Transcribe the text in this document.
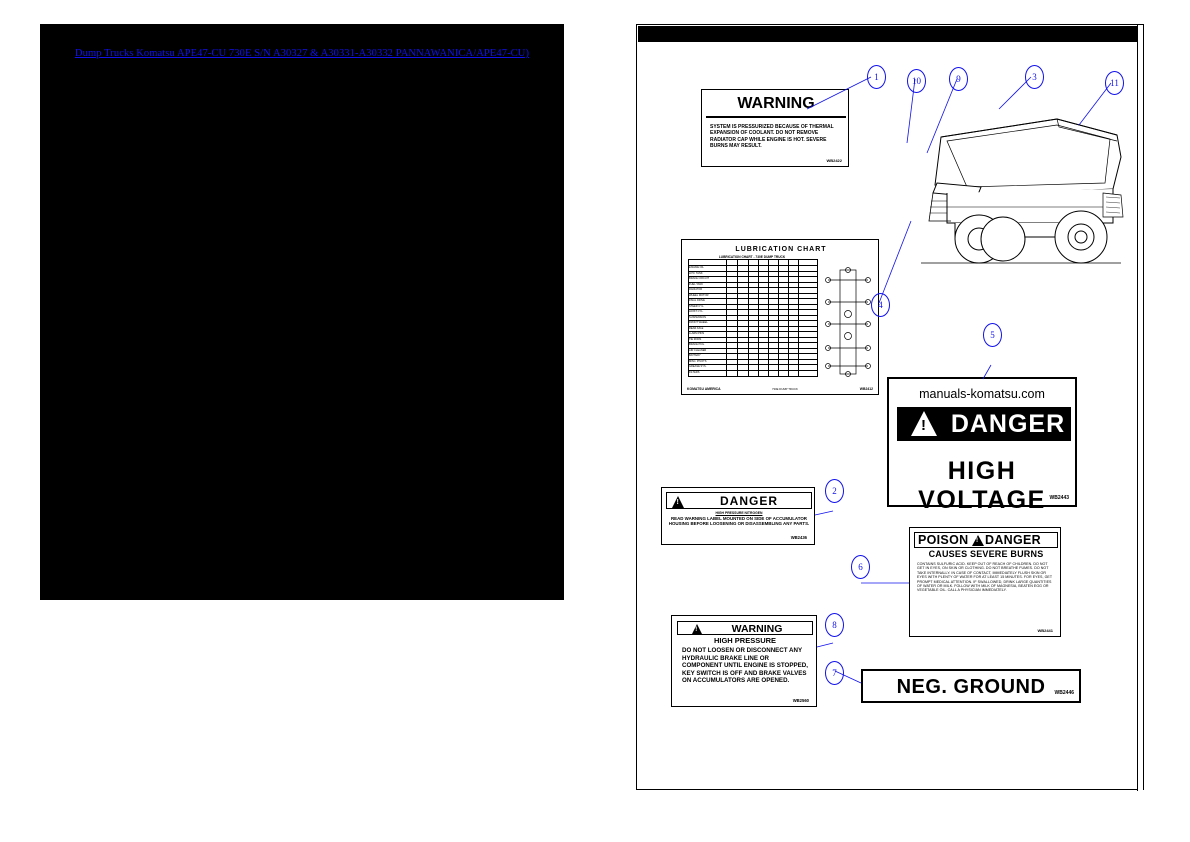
Dump Trucks Komatsu APE47-CU 730E S/N A30327 & A30331-A30332 PANNAWANICA/APE47-CU)
WARNING
SYSTEM IS PRESSURIZED BECAUSE OF THERMAL EXPANSION OF COOLANT. DO NOT REMOVE RADIATOR CAP WHILE ENGINE IS HOT. SEVERE BURNS MAY RESULT.
WB2422
LUBRICATION CHART
LUBRICATION CHART - 730E DUMP TRUCK
ENGINE OIL
HYD. TANK
BRAKE CIRCUIT
FUEL TANK
RADIATOR
WHEEL MOTOR
FINAL DRIVE
STEER CYL.
HOIST CYL.
SUSPENSION
FRONT WHEEL
REAR AXLE
A-ARM PINS
TIE RODS
BRAKE PKG.
AIR CLEANER
BATTERY
MISC. PIVOTS
GREASE SYS.
FILTERS
KOMATSU AMERICA	730E DUMP TRUCK	WB2412	manuals-komatsu.com
! DANGER
HIGH VOLTAGE WB2443
!	DANGER
HIGH PRESSURE NITROGEN
READ WARNING LABEL MOUNTED ON SIDE OF ACCUMULATOR HOUSING BEFORE LOOSENING OR DISASSEMBLING ANY PARTS.
WB2436	POISON ! DANGER
CAUSES SEVERE BURNS
CONTAINS SULFURIC ACID. KEEP OUT OF REACH OF CHILDREN. DO NOT GET IN EYES, ON SKIN OR CLOTHING. DO NOT BREATHE FUMES. DO NOT TAKE INTERNALLY. IN CASE OF CONTACT, IMMEDIATELY FLUSH SKIN OR EYES WITH PLENTY OF WATER FOR AT LEAST 15 MINUTES. FOR EYES, GET PROMPT MEDICAL ATTENTION. IF SWALLOWED, DRINK LARGE QUANTITIES OF WATER OR MILK. FOLLOW WITH MILK OF MAGNESIA, BEATEN EGG OR VEGETABLE OIL. CALL A PHYSICIAN IMMEDIATELY.
WB2441
!	WARNING
HIGH PRESSURE
DO NOT LOOSEN OR DISCONNECT ANY HYDRAULIC BRAKE LINE OR COMPONENT UNTIL ENGINE IS STOPPED, KEY SWITCH IS OFF AND BRAKE VALVES ON ACCUMULATORS ARE OPENED.
WB2560
NEG. GROUND	WB2446
1	10	9	3
11
4
5
2
6
8
7
